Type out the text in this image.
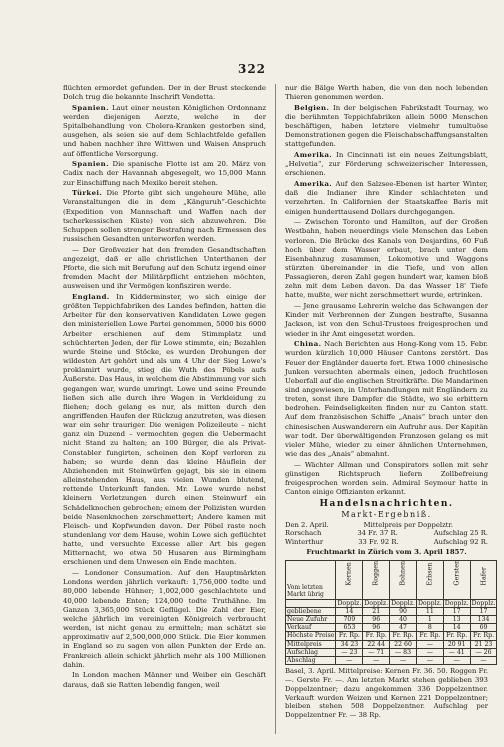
322

flüchten ermordet gefunden. Der in der Brust steckende Dolch trug die bekannte Inschrift Vendetta.

Spanien. Laut einer neusten Königlichen Ordonnanz werden diejenigen Aerzte, welche in der Spitalbehandlung von Cholera-Kranken gestorben sind, ausgehen, als seien sie auf dem Schlachtfelde gefallen und haben nachher ihre Wittwen und Waisen Anspruch auf öffentliche Versorgung.

Spanien. Die spanische Flotte ist am 20. März von Cadix nach der Havannah abgesegelt, wo 15,000 Mann zur Einschiffung nach Mexiko bereit stehen.

Türkei. Die Pforte gibt sich ungeheure Mühe, alle Veranstaltungen die in dem „Känguruh“-Geschichte (Expedition von Mannschaft und Waffen nach der tscherkessischen Küste) von sich abzuwehren. Die Schuppen sollen strenger Bestrafung nach Ermessen des russischen Gesandten unterworfen werden.

— Der Großvezier hat den fremden Gesandtschaften angezeigt, daß er alle christlichen Unterthanen der Pforte, die sich mit Berufung auf den Schutz irgend einer fremden Macht der Militärpflicht entziehen möchten, ausweisen und ihr Vermögen konfisziren werde.

England. In Kidderminster, wo sich einige der größten Teppichfabriken des Landes befinden, hatten die Arbeiter für den konservativen Kandidaten Lowe gegen den ministeriellen Lowe Partei genommen, 5000 bis 6000 Arbeiter erschienen auf dem Stimmplatz und schüchterten Jeden, der für Lowe stimmte, ein; Bezahlen wurde Steine und Stöcke, es wurden Drohungen der wildesten Art gehört und als um 4 Uhr der Sieg Lowe's proklamirt wurde, stieg die Wuth des Pöbels aufs Äußerste. Das Haus, in welchem die Abstimmung vor sich gegangen war, wurde umringt. Lowe und seine Freunde ließen sich alle durch ihre Wagen in Verkleidung zu fliehen; doch gelang es nur, als mitten durch den angriffenden Haufen der Rückzug anzutreten, was diesen war ein sehr trauriger. Die wenigen Polizeileute – nicht ganz ein Duzend – vermochten gegen die Uebermacht nicht Stand zu halten; an 100 Bürger, die als Privat-Constabler fungirten, scheinen den Kopf verloren zu haben; so wurde denn das kleine Häuflein der Abziehenden mit Steinwürfen gejagt, bis sie in einem alleinstehenden Haus, aus vielen Wunden blutend, rettende Unterkunft fanden. Mr. Lowe wurde nebst kleinern Verletzungen durch einen Steinwurf ein Schädelknochen gebrochen; einem der Polizisten wurden beide Nasenknochen zerschmettert; Andere kamen mit Fleisch- und Kopfwunden davon. Der Pöbel raste noch stundenlang vor dem Hause, wohin Lowe sich geflüchtet hatte, und versuchte Excesse aller Art bis gegen Mitternacht, wo etwa 50 Husaren aus Birmingham erschienen und dem Unwesen ein Ende machten.

— Londoner Consumation. Auf den Hauptmärkten Londons werden jährlich verkauft: 1,756,000 todte und 80,000 lebende Hühner; 1,002,000 geschlachtete und 40,000 lebende Enten; 124,000 todte Truthähne. Im Ganzen 3,365,000 Stück Geflügel. Die Zahl der Eier, welche jährlich im vereinigten Königreich verbraucht werden, ist nicht genau zu ermitteln; man schätzt sie approximativ auf 2,500,000,000 Stück. Die Eier kommen in England so zu sagen von allen Punkten der Erde an. Frankreich allein schickt jährlich mehr als 100 Millionen dahin.

In London machen Männer und Weiber ein Geschäft daraus, daß sie Ratten lebendig fangen, weil

nur die Bälge Werth haben, die von den noch lebenden Thieren genommen werden.

Belgien. In der belgischen Fabrikstadt Tournay, wo die berühmten Teppichfabriken allein 5000 Menschen beschäftigen, haben letztere vielmehr tumultuöse Demonstrationen gegen die Fleischabschaffungsanstalten stattgefunden.

Amerika. In Cincinnati ist ein neues Zeitungsblatt, „Helvetia“, zur Förderung schweizerischer Interessen, erschienen.

Amerika. Auf den Salzsee-Ebenen ist harter Winter, daß die Indianer ihre Kinder schlachteten und verzehrten. In Californien der Staatskaffee Baris mit einigen hunderttausend Dollars durchgegangen.

— Zwischen Toronto und Hamilton, auf der Großen Westbahn, haben neuerdings viele Menschen das Leben verloren. Die Brücke des Kanals von Desjardins, 60 Fuß hoch über dem Wasser erbaut, brach unter dem Eisenbahnzug zusammen, Lokomotive und Waggons stürzten übereinander in die Tiefe, und von allen Passagieren, deren Zahl gegen hundert war, kamen bloß zehn mit dem Leben davon. Da das Wasser 18' Tiefe hatte, mußte, wer nicht zerschmettert wurde, ertrinken.

— Jene grausame Lehrerin welche das Schwangen der Kinder mit Verbrennen der Zungen bestrafte, Susanna Jackson, ist von den Schul-Trustees freigesprochen und wieder in ihr Amt eingesetzt worden.

China. Nach Berichten aus Hong-Kong vom 15. Febr. wurden kürzlich 10,000 Häuser Cantons zerstört. Das Feuer der Engländer dauerte fort. Etwa 1000 chinesische Junken versuchten abermals einen, jedoch fruchtlosen Ueberfall auf die englischen Streitkräfte. Die Mandarinen sind angewiesen, in Unterhandlungen mit Engländern zu treten, sonst ihre Dampfer die Städte, wo sie erbittern bedrohen. Feindseligkeiten finden nur zu Canton statt. Auf dem französischen Schiffe „Anais“ brach unter den chinesischen Auswanderern ein Aufruhr aus. Der Kapitän war todt. Der überwältigenden Franzosen gelang es mit vieler Mühe, wieder zu einer ähnlichen Unternehmen, wie das des „Anais“ abmahnt.

— Wächter Allman und Conspirators sollen mit sehr günstigen Richtspruch liefern Zollbefreiung freigesprochen worden sein. Admiral Seymour hatte in Canton einige Offizianten erkannt.

Handelsnachrichten.
Markt-Ergebniß.
Den 2. April.	Mittelpreis per Doppelztr.
Rorschach	34 Fr. 37 R.	Aufschlag 25 R.
Winterthur	33 Fr. 92 R.	Aufschlag 92 R.
Fruchtmarkt in Zürich vom 3. April 1857.
Vom letzten Markt übrig	Kernen	Roggen	Bohnen	Erbsen	Gersten	Hafer
	Dopplz.	Dopplz.	Dopplz.	Dopplz.	Dopplz.	Dopplz.
gebliebene	14	21	90	11	17	17
Neue Zufuhr	709	96	40	1	13	134
Verkauf	653	96	47	8	14	69
Höchste Preise	Fr. Rp.	Fr. Rp.	Fr. Rp.	Fr. Rp.	Fr. Rp.	Fr. Rp.
Mittelpreis	34 23	22 44	22 60	—	20 91	21 23
Aufschlag	— 23	— 71	— 83	—	— 41	— 26
Abschlag	—	—	—	—	—	—
Basel, 3. April. Mittelpreise: Kernen Fr. 36. 50. Roggen Fr. —. Gerste Fr. —. Am letzten Markt stehen geblieben 393 Doppelzentner; dazu angekommen 336 Doppelzentner. Verkauft wurden Weizen und Kernen 221 Doppelzentner; bleiben stehen 508 Doppelzentner. Aufschlag per Doppelzentner Fr. — 38 Rp.
